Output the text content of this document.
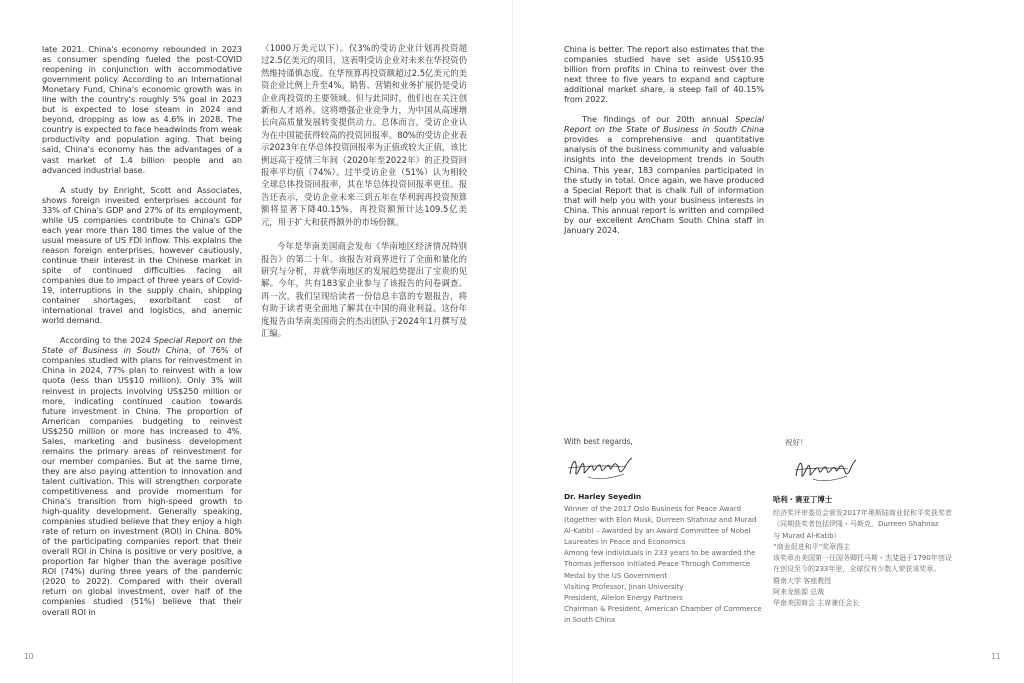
late 2021. China's economy rebounded in 2023 as consumer spending fueled the post-COVID reopening in conjunction with accommodative government policy. According to an International Monetary Fund, China's economic growth was in line with the country's roughly 5% goal in 2023 but is expected to lose steam in 2024 and beyond, dropping as low as 4.6% in 2028. The country is expected to face headwinds from weak productivity and population aging. That being said, China's economy has the advantages of a vast market of 1.4 billion people and an advanced industrial base.

A study by Enright, Scott and Associates, shows foreign invested enterprises account for 33% of China's GDP and 27% of its employment, while US companies contribute to China's GDP each year more than 180 times the value of the usual measure of US FDI inflow. This explains the reason foreign enterprises, however cautiously, continue their interest in the Chinese market in spite of continued difficulties facing all companies due to impact of three years of Covid-19, interruptions in the supply chain, shipping container shortages, exorbitant cost of international travel and logistics, and anemic world demand.

According to the 2024 Special Report on the State of Business in South China, of 76% of companies studied with plans for reinvestment in China in 2024, 77% plan to reinvest with a low quota (less than US$10 million). Only 3% will reinvest in projects involving US$250 million or more, indicating continued caution towards future investment in China. The proportion of American companies budgeting to reinvest US$250 million or more has increased to 4%. Sales, marketing and business development remains the primary areas of reinvestment for our member companies. But at the same time, they are also paying attention to innovation and talent cultivation. This will strengthen corporate competitiveness and provide momentum for China's transition from high-speed growth to high-quality development. Generally speaking, companies studied believe that they enjoy a high rate of return on investment (ROI) in China. 80% of the participating companies report that their overall ROI in China is positive or very positive, a proportion far higher than the average positive ROI (74%) during three years of the pandemic (2020 to 2022). Compared with their overall return on global investment, over half of the companies studied (51%) believe that their overall ROI in

（1000万美元以下）。仅3%的受访企业计划再投资超过2.5亿美元的项目，这表明受访企业对未来在华投资仍然维持谨慎态度。在华预算再投资额超过2.5亿美元的美资企业比例上升至4%。销售、营销和业务扩展仍是受访企业再投资的主要领域。但与此同时，他们也在关注创新和人才培养。这将增强企业竞争力，为中国从高速增长向高质量发展转变提供动力。总体而言，受访企业认为在中国能获得较高的投资回报率。80%的受访企业表示2023年在华总体投资回报率为正值或较大正值，该比例远高于疫情三年间（2020年至2022年）的正投资回报率平均值（74%）。过半受访企业（51%）认为相较全球总体投资回报率，其在华总体投资回报率更佳。报告还表示，受访企业未来三到五年在华利润再投资预算额将显著下降40.15%，再投资额预计达109.5亿美元，用于扩大和获得额外的市场份额。

今年是华南美国商会发布《华南地区经济情况特别报告》的第二十年。该报告对商界进行了全面和量化的研究与分析，并就华南地区的发展趋势提出了宝贵的见解。今年，共有183家企业参与了该报告的问卷调查。再一次，我们呈现给读者一份信息丰富的专题报告，将有助于读者更全面地了解其在中国的商业利益。这份年度报告由华南美国商会的杰出团队于2024年1月撰写及汇编。

10

China is better. The report also estimates that the companies studied have set aside US$10.95 billion from profits in China to reinvest over the next three to five years to expand and capture additional market share, a steep fall of 40.15% from 2022.

The findings of our 20th annual Special Report on the State of Business in South China provides a comprehensive and quantitative analysis of the business community and valuable insights into the development trends in South China. This year, 183 companies participated in the study in total. Once again, we have produced a Special Report that is chalk full of information that will help you with your business interests in China. This annual report is written and compiled by our excellent AmCham South China staff in January 2024.

With best regards,
Dr. Harley Seyedin
Winner of the 2017 Oslo Business for Peace Award
(together with Elon Musk, Durreen Shahnaz and Murad
Al-Katib) – Awarded by an Award Committee of Nobel
Laureates in Peace and Economics
Among few individuals in 233 years to be awarded the
Thomas Jefferson initiated Peace Through Commerce
Medal by the US Government
Visiting Professor, Jinan University
President, Allelon Energy Partners
Chairman & President, American Chamber of Commerce
in South China
祝好！
哈利・赛亚丁博士
经济奖评审委员会颁发2017年奥斯陆商业促和平奖获奖者
（同期获奖者包括伊隆・马斯克，Durreen Shahnaz
与 Murad Al-Katib）
“商业促进和平”奖章得主
该奖章由美国第一任国务卿托马斯・杰斐逊于1790年创设
在创设至今的233年里，全球仅有少数人荣获该奖章。
暨南大学 客座教授
阿来龙能源 总裁
华南美国商会 主席兼任会长
11
